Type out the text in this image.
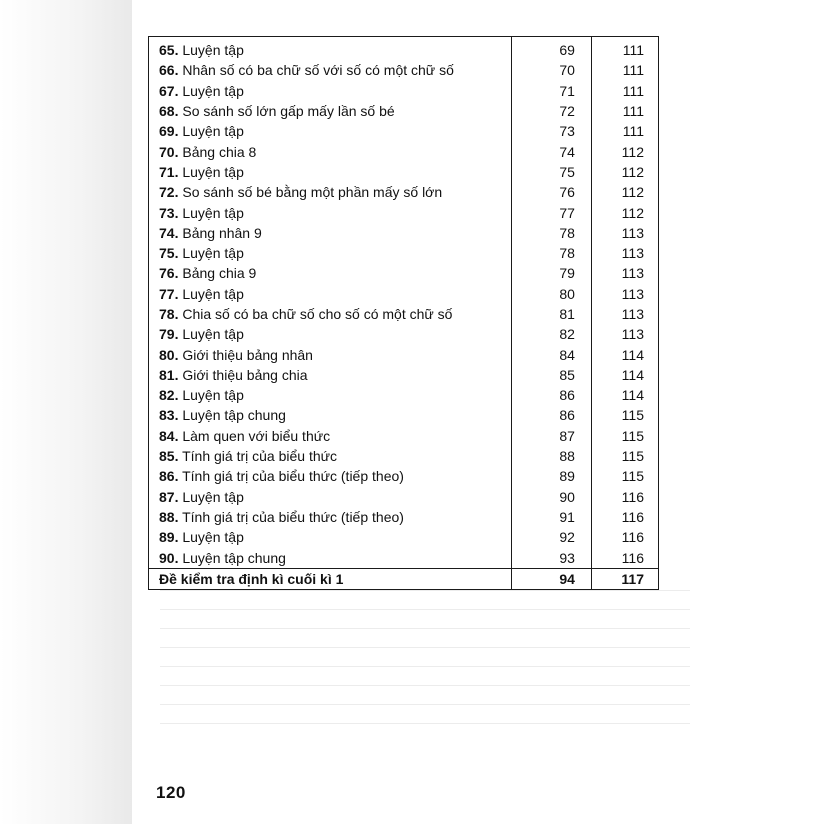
65. Luyện tập	69	111
66. Nhân số có ba chữ số với số có một chữ số	70	111
67. Luyện tập	71	111
68. So sánh số lớn gấp mấy lần số bé	72	111
69. Luyện tập	73	111
70. Bảng chia 8	74	112
71. Luyện tập	75	112
72. So sánh số bé bằng một phần mấy số lớn	76	112
73. Luyện tập	77	112
74. Bảng nhân 9	78	113
75. Luyện tập	78	113
76. Bảng chia 9	79	113
77. Luyện tập	80	113
78. Chia số có ba chữ số cho số có một chữ số	81	113
79. Luyện tập	82	113
80. Giới thiệu bảng nhân	84	114
81. Giới thiệu bảng chia	85	114
82. Luyện tập	86	114
83. Luyện tập chung	86	115
84. Làm quen với biểu thức	87	115
85. Tính giá trị của biểu thức	88	115
86. Tính giá trị của biểu thức (tiếp theo)	89	115
87. Luyện tập	90	116
88. Tính giá trị của biểu thức (tiếp theo)	91	116
89. Luyện tập	92	116
90. Luyện tập chung	93	116
Đề kiểm tra định kì cuối kì 1	94	117
120
